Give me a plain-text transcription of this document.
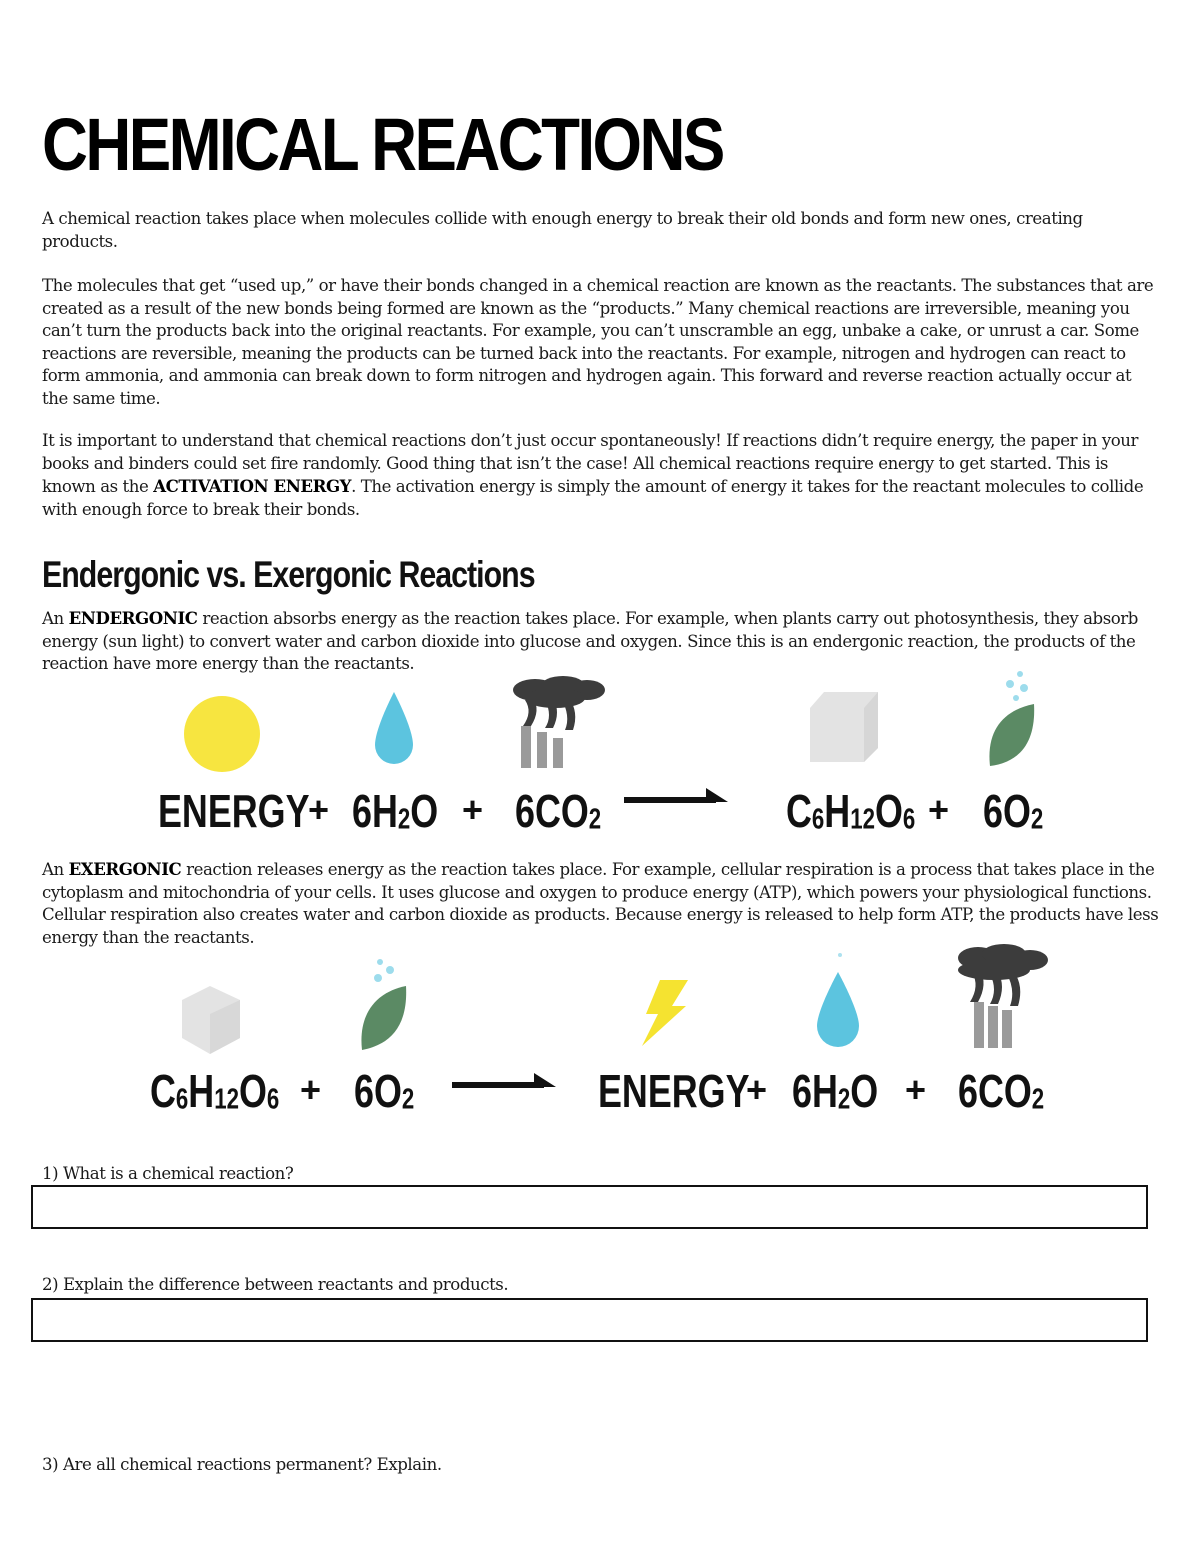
CHEMICAL REACTIONS

A chemical reaction takes place when molecules collide with enough energy to break their old bonds and form new ones, creating products.

The molecules that get “used up,” or have their bonds changed in a chemical reaction are known as the reactants. The substances that are created as a result of the new bonds being formed are known as the “products.” Many chemical reactions are irreversible, meaning you can’t turn the products back into the original reactants. For example, you can’t unscramble an egg, unbake a cake, or unrust a car. Some reactions are reversible, meaning the products can be turned back into the reactants. For example, nitrogen and hydrogen can react to form ammonia, and ammonia can break down to form nitrogen and hydrogen again. This forward and reverse reaction actually occur at the same time.

It is important to understand that chemical reactions don’t just occur spontaneously! If reactions didn’t require energy, the paper in your books and binders could set fire randomly. Good thing that isn’t the case! All chemical reactions require energy to get started. This is known as the ACTIVATION ENERGY. The activation energy is simply the amount of energy it takes for the reactant molecules to collide with enough force to break their bonds.

Endergonic vs. Exergonic Reactions

An ENDERGONIC reaction absorbs energy as the reaction takes place. For example, when plants carry out photosynthesis, they absorb energy (sun light) to convert water and carbon dioxide into glucose and oxygen. Since this is an endergonic reaction, the products of the reaction have more energy than the reactants.

ENERGY
+ $6H_2O + 6CO_2$	$C_6H_{12}O_6 + 6O_2$

An EXERGONIC reaction releases energy as the reaction takes place. For example, cellular respiration is a process that takes place in the cytoplasm and mitochondria of your cells. It uses glucose and oxygen to produce energy (ATP), which powers your physiological functions. Cellular respiration also creates water and carbon dioxide as products. Because energy is released to help form ATP, the products have less energy than the reactants.

$C_6H_{12}O_6 + 6O_2$	ENERGY
+ $6H_2O + 6CO_2$

1) What is a chemical reaction?

2) Explain the difference between reactants and products.

3) Are all chemical reactions permanent? Explain.
